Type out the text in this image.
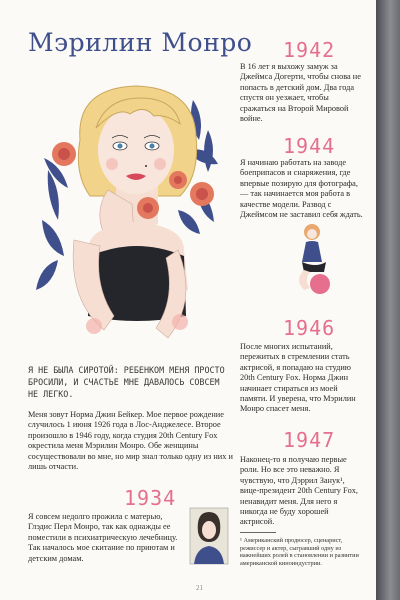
Мэрилин Монро

Я НЕ БЫЛА СИРОТОЙ: РЕБЕНКОМ МЕНЯ ПРОСТО БРОСИЛИ, И СЧАСТЬЕ МНЕ ДАВАЛОСЬ СОВСЕМ НЕ ЛЕГКО.

Меня зовут Норма Джин Бейкер. Мое первое рождение случилось 1 июня 1926 года в Лос-Анджелесе. Второе произошло в 1946 году, когда студия 20th Century Fox окрестила меня Мэрилин Монро. Обе женщины сосуществовали во мне, но мир знал только одну из них и лишь отчасти.

1942

В 16 лет я выхожу замуж за Джеймса Догерти, чтобы снова не попасть в детский дом. Два года спустя он уезжает, чтобы сражаться на Второй Мировой войне.

1944

Я начинаю работать на заводе боеприпасов и снаряжения, где впервые позирую для фотографа, — так начинается моя работа в качестве модели. Развод с Джеймсом не заставил себя ждать.

1946

После многих испытаний, пережитых в стремлении стать актрисой, я попадаю на студию 20th Century Fox. Норма Джин начинает стираться из моей памяти. И уверена, что Мэрилин Монро спасет меня.

1947

Наконец-то я получаю первые роли. Но все это неважно. Я чувствую, что Дэррил Занук¹, вице-президент 20th Century Fox, ненавидит меня. Для него я никогда не буду хорошей актрисой.

1934

Я совсем недолго прожила с матерью, Глэдис Перл Монро, так как однажды ее поместили в психиатрическую лечебницу. Так началось мое скитание по приютам и детским домам.

¹ Американский продюсер, сценарист, режиссер и актер, сыгравший одну из важнейших ролей в становлении и развитии американской киноиндустрии.

21
